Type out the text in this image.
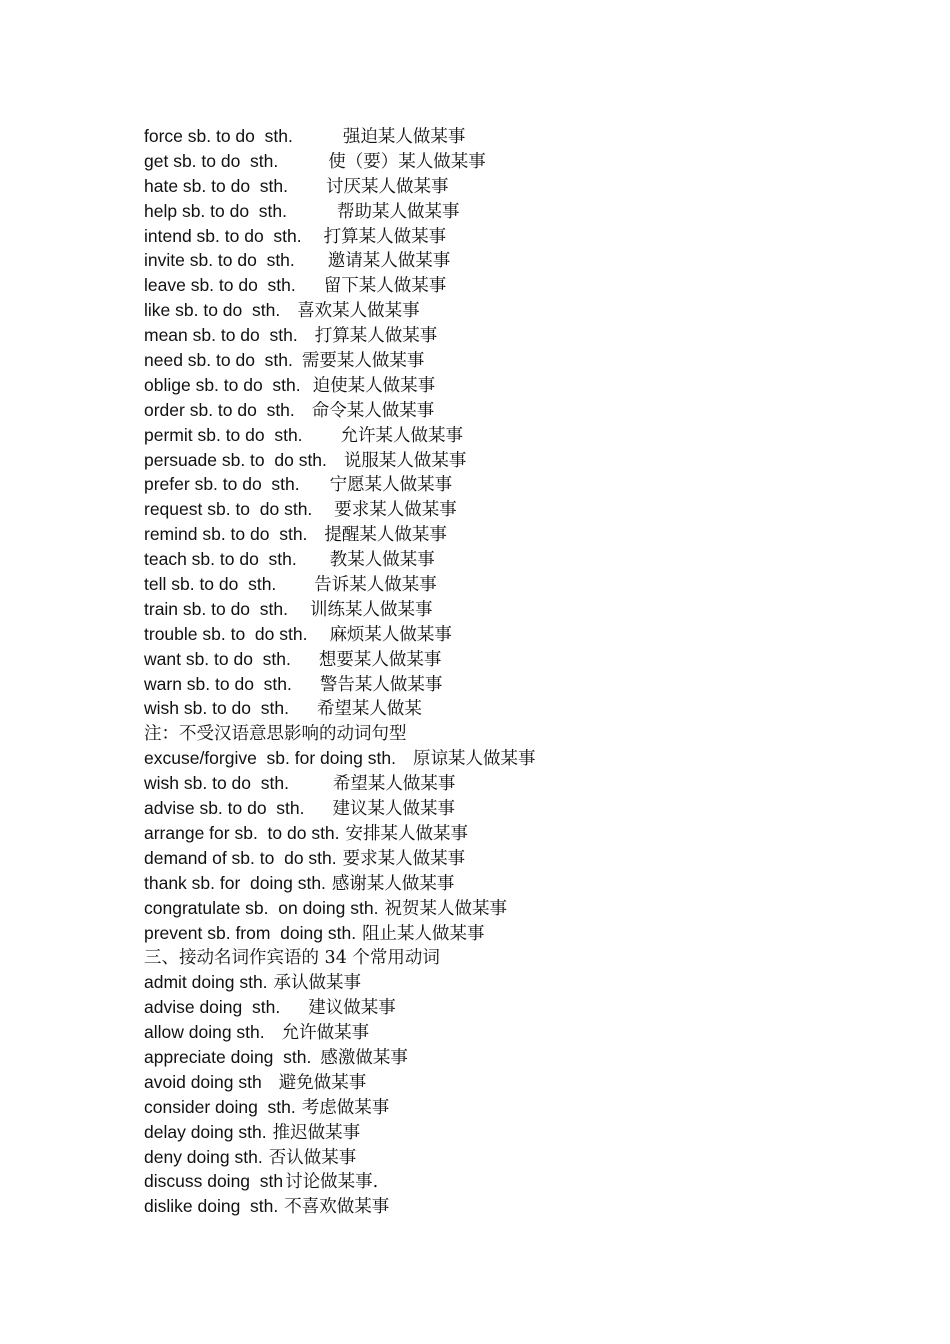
force sb. to do  sth.	强迫某人做某事
get sb. to do  sth.	使（要）某人做某事
hate sb. to do  sth. 讨厌某人做某事
help sb. to do  sth.	帮助某人做某事
intend sb. to do  sth. 打算某人做某事
invite sb. to do  sth. 邀请某人做某事
leave sb. to do  sth. 留下某人做某事
like sb. to do  sth. 喜欢某人做某事
mean sb. to do  sth. 打算某人做某事
need sb. to do  sth. 需要某人做某事
oblige sb. to do  sth. 迫使某人做某事
order sb. to do  sth. 命令某人做某事
permit sb. to do  sth. 允许某人做某事
persuade sb. to  do sth. 说服某人做某事
prefer sb. to do  sth. 宁愿某人做某事
request sb. to  do sth. 要求某人做某事
remind sb. to do  sth. 提醒某人做某事
teach sb. to do  sth. 教某人做某事
tell sb. to do  sth. 告诉某人做某事
train sb. to do  sth. 训练某人做某事
trouble sb. to  do sth. 麻烦某人做某事
want sb. to do  sth. 想要某人做某事
warn sb. to do  sth. 警告某人做某事
wish sb. to do  sth. 希望某人做某
注：不受汉语意思影响的动词句型
excuse/forgive  sb. for doing sth. 原谅某人做某事
wish sb. to do  sth.	希望某人做某事
advise sb. to do  sth. 建议某人做某事
arrange for sb.  to do sth. 安排某人做某事
demand of sb. to  do sth. 要求某人做某事
thank sb. for  doing sth. 感谢某人做某事
congratulate sb.  on doing sth. 祝贺某人做某事
prevent sb. from  doing sth. 阻止某人做某事
三、接动名词作宾语的 34 个常用动词
admit doing sth. 承认做某事
advise doing  sth. 建议做某事
allow doing sth. 允许做某事
appreciate doing  sth. 感激做某事
avoid doing sth 避免做某事
consider doing  sth. 考虑做某事
delay doing sth. 推迟做某事
deny doing sth. 否认做某事
discuss doing  sth 讨论做某事.
dislike doing  sth. 不喜欢做某事
